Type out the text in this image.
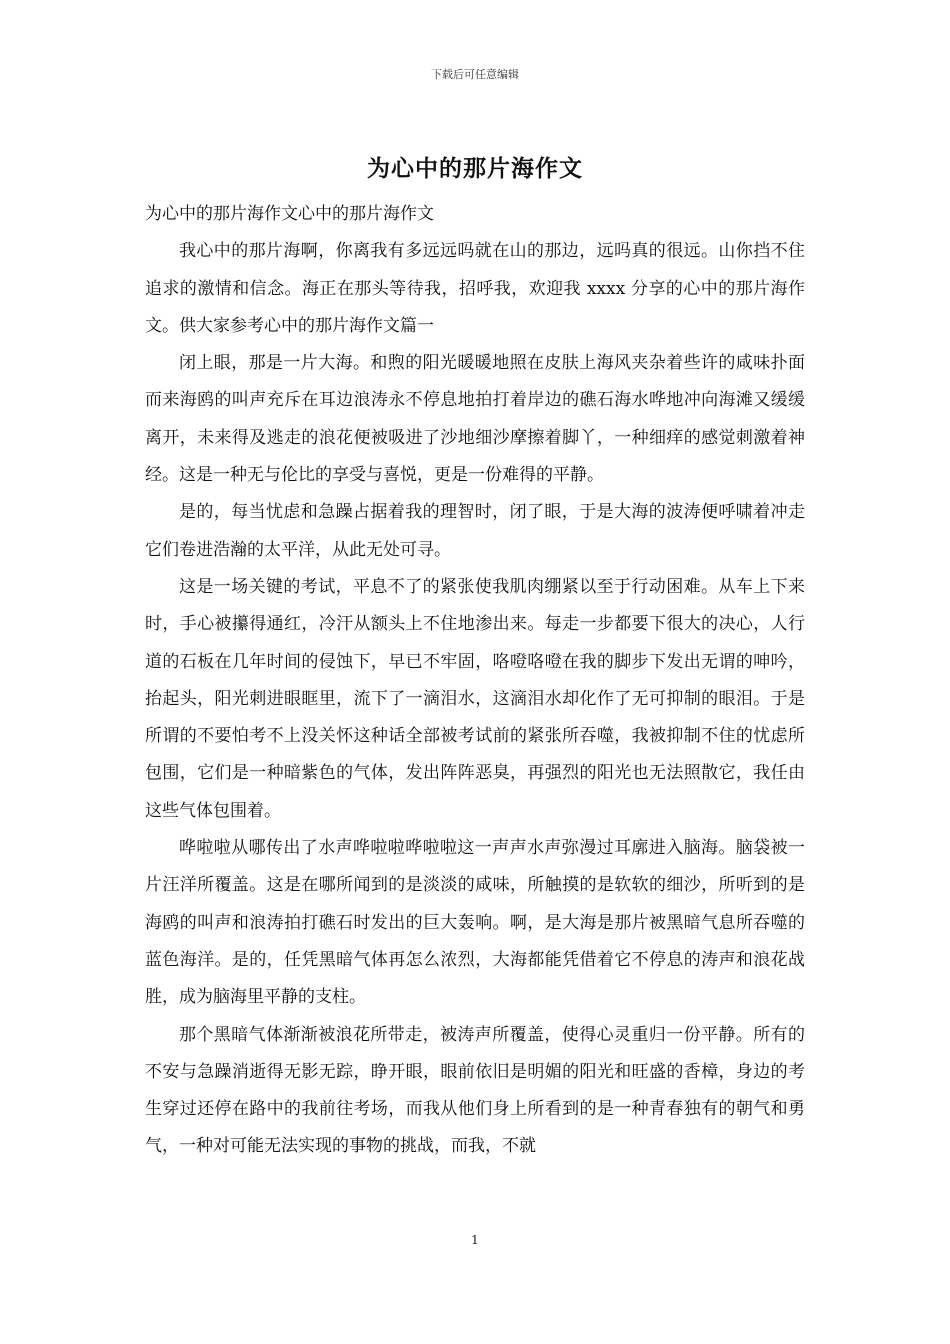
下载后可任意编辑
为心中的那片海作文

为心中的那片海作文心中的那片海作文

我心中的那片海啊，你离我有多远远吗就在山的那边，远吗真的很远。山你挡不住追求的激情和信念。海正在那头等待我，招呼我，欢迎我 xxxx 分享的心中的那片海作文。供大家参考心中的那片海作文篇一

闭上眼，那是一片大海。和煦的阳光暖暖地照在皮肤上海风夹杂着些许的咸味扑面而来海鸥的叫声充斥在耳边浪涛永不停息地拍打着岸边的礁石海水哗地冲向海滩又缓缓离开，未来得及逃走的浪花便被吸进了沙地细沙摩擦着脚丫，一种细痒的感觉刺激着神经。这是一种无与伦比的享受与喜悦，更是一份难得的平静。

是的，每当忧虑和急躁占据着我的理智时，闭了眼，于是大海的波涛便呼啸着冲走它们卷进浩瀚的太平洋，从此无处可寻。

这是一场关键的考试，平息不了的紧张使我肌肉绷紧以至于行动困难。从车上下来时，手心被攥得通红，冷汗从额头上不住地渗出来。每走一步都要下很大的决心，人行道的石板在几年时间的侵蚀下，早已不牢固，咯噔咯噔在我的脚步下发出无谓的呻吟，抬起头，阳光刺进眼眶里，流下了一滴泪水，这滴泪水却化作了无可抑制的眼泪。于是所谓的不要怕考不上没关怀这种话全部被考试前的紧张所吞噬，我被抑制不住的忧虑所包围，它们是一种暗紫色的气体，发出阵阵恶臭，再强烈的阳光也无法照散它，我任由这些气体包围着。

哗啦啦从哪传出了水声哗啦啦哗啦啦这一声声水声弥漫过耳廓进入脑海。脑袋被一片汪洋所覆盖。这是在哪所闻到的是淡淡的咸味，所触摸的是软软的细沙，所听到的是海鸥的叫声和浪涛拍打礁石时发出的巨大轰响。啊，是大海是那片被黑暗气息所吞噬的蓝色海洋。是的，任凭黑暗气体再怎么浓烈，大海都能凭借着它不停息的涛声和浪花战胜，成为脑海里平静的支柱。

那个黑暗气体渐渐被浪花所带走，被涛声所覆盖，使得心灵重归一份平静。所有的不安与急躁消逝得无影无踪，睁开眼，眼前依旧是明媚的阳光和旺盛的香樟，身边的考生穿过还停在路中的我前往考场，而我从他们身上所看到的是一种青春独有的朝气和勇气，一种对可能无法实现的事物的挑战，而我，不就

1
